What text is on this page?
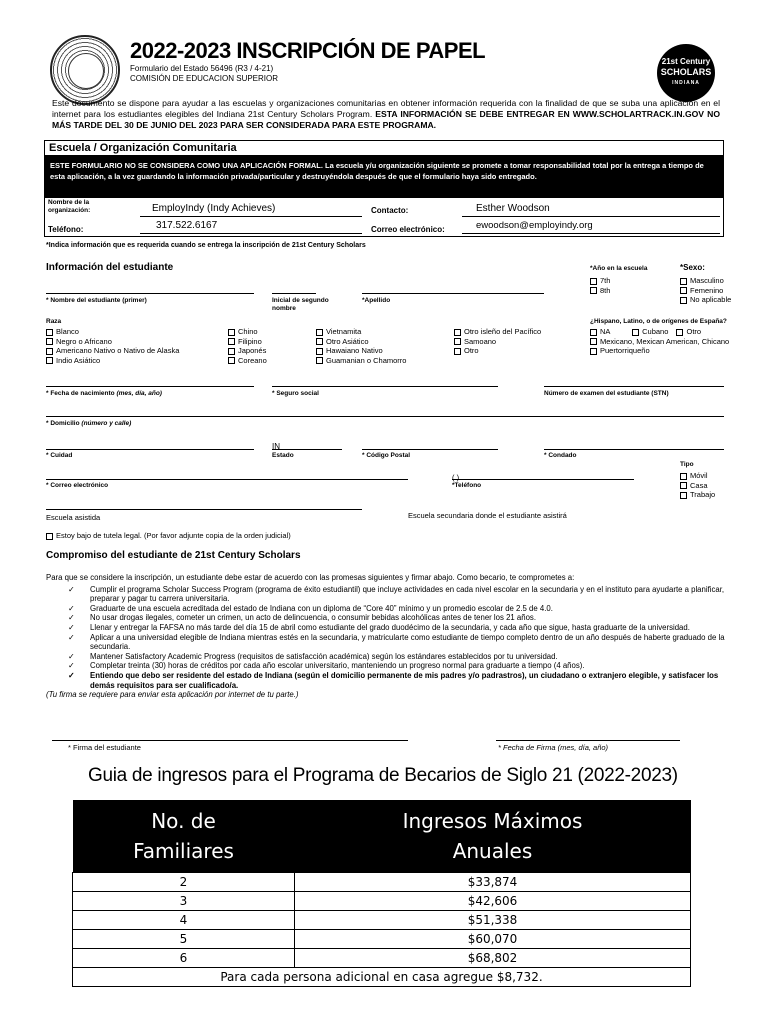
2022-2023 INSCRIPCIÓN DE PAPEL
Formulario del Estado 56496 (R3 / 4-21)
COMISIÓN DE EDUCACION SUPERIOR
21st Century
SCHOLARS
INDIANA
Este documento se dispone para ayudar a las escuelas y organizaciones comunitarias en obtener información requerida con la finalidad de que se suba una aplicación en el internet para los estudiantes elegibles del Indiana 21st Century Scholars Program. ESTA INFORMACIÓN SE DEBE ENTREGAR EN WWW.SCHOLARTRACK.IN.GOV NO MÁS TARDE DEL 30 DE JUNIO DEL 2023 PARA SER CONSIDERADA PARA ESTE PROGRAMA.
Escuela / Organización Comunitaria
ESTE FORMULARIO NO SE CONSIDERA COMO UNA APLICACIÓN FORMAL. La escuela y/u organización siguiente se promete a tomar responsabilidad total por la entrega a tiempo de esta aplicación, a la vez guardando la información privada/particular y destruyéndola después de que el formulario haya sido entregado.
Nombre de la organización:	EmployIndy (Indy Achieves)	Contacto:	Esther Woodson
Teléfono:	317.522.6167	Correo electrónico:	ewoodson@employindy.org
*Indica información que es requerida cuando se entrega la inscripción de 21st Century Scholars
Información del estudiante	*Año en la escuela
7th
8th
*Sexo:
Masculino
Femenino
No aplicable
* Nombre del estudiante (primer)	Inicial de segundo nombre
*Apellido
Raza
Blanco
Negro o Africano
Americano Nativo o Nativo de Alaska
Indio Asiático
Chino
Filipino
Japonés
Coreano
Vietnamita
Otro Asiático
Hawaiano Nativo
Guamanian o Chamorro
Otro isleño del Pacífico
Samoano
Otro
¿Hispano, Latino, o de orígenes de España?
NA	Cubano Otro
Mexicano, Mexican American, Chicano
Puertorriqueño
* Fecha de nacimiento (mes, día, año)	* Seguro social	Número de examen del estudiante (STN)
* Domicilio (número y calle)
IN
* Cuidad	Estado	* Código Postal	* Condado
Tipo
Móvil
Casa
Trabajo
( )
* Correo electrónico	*Teléfono
Escuela asistida	Escuela secundaria donde el estudiante asistirá
Estoy bajo de tutela legal. (Por favor adjunte copia de la orden judicial)
Compromiso del estudiante de 21st Century Scholars
Para que se considere la inscripción, un estudiante debe estar de acuerdo con las promesas siguientes y firmar abajo. Como becario, te comprometes a:
✓ Cumplir el programa Scholar Success Program (programa de éxito estudiantil) que incluye actividades en cada nivel escolar en la secundaria y en el instituto para ayudarte a planificar, preparar y pagar tu carrera universitaria.
✓ Graduarte de una escuela acreditada del estado de Indiana con un diploma de “Core 40” mínimo y un promedio escolar de 2.5 de 4.0.
✓ No usar drogas ilegales, cometer un crimen, un acto de delincuencia, o consumir bebidas alcohólicas antes de tener los 21 años.
✓ Llenar y entregar la FAFSA no más tarde del día 15 de abril como estudiante del grado duodécimo de la secundaria, y cada año que sigue, hasta graduarte de la universidad.
✓ Aplicar a una universidad elegible de Indiana mientras estés en la secundaria, y matricularte como estudiante de tiempo completo dentro de un año después de haberte graduado de la secundaria.
✓ Mantener Satisfactory Academic Progress (requisitos de satisfacción académica) según los estándares establecidos por tu universidad.
✓ Completar treinta (30) horas de créditos por cada año escolar universitario, manteniendo un progreso normal para graduarte a tiempo (4 años).
✓ Entiendo que debo ser residente del estado de Indiana (según el domicilio permanente de mis padres y/o padrastros), un ciudadano o extranjero elegible, y satisfacer los demás requisitos para ser cualificado/a.
(Tu firma se requiere para enviar esta aplicación por internet de tu parte.)
* Firma del estudiante	* Fecha de Firma (mes, día, año)
Guia de ingresos para el Programa de Becarios de Siglo 21 (2022-2023)
No. de
Familiares	Ingresos Máximos
Anuales
2	$33,874
3	$42,606
4	$51,338
5	$60,070
6	$68,802
Para cada persona adicional en casa agregue $8,732.	
